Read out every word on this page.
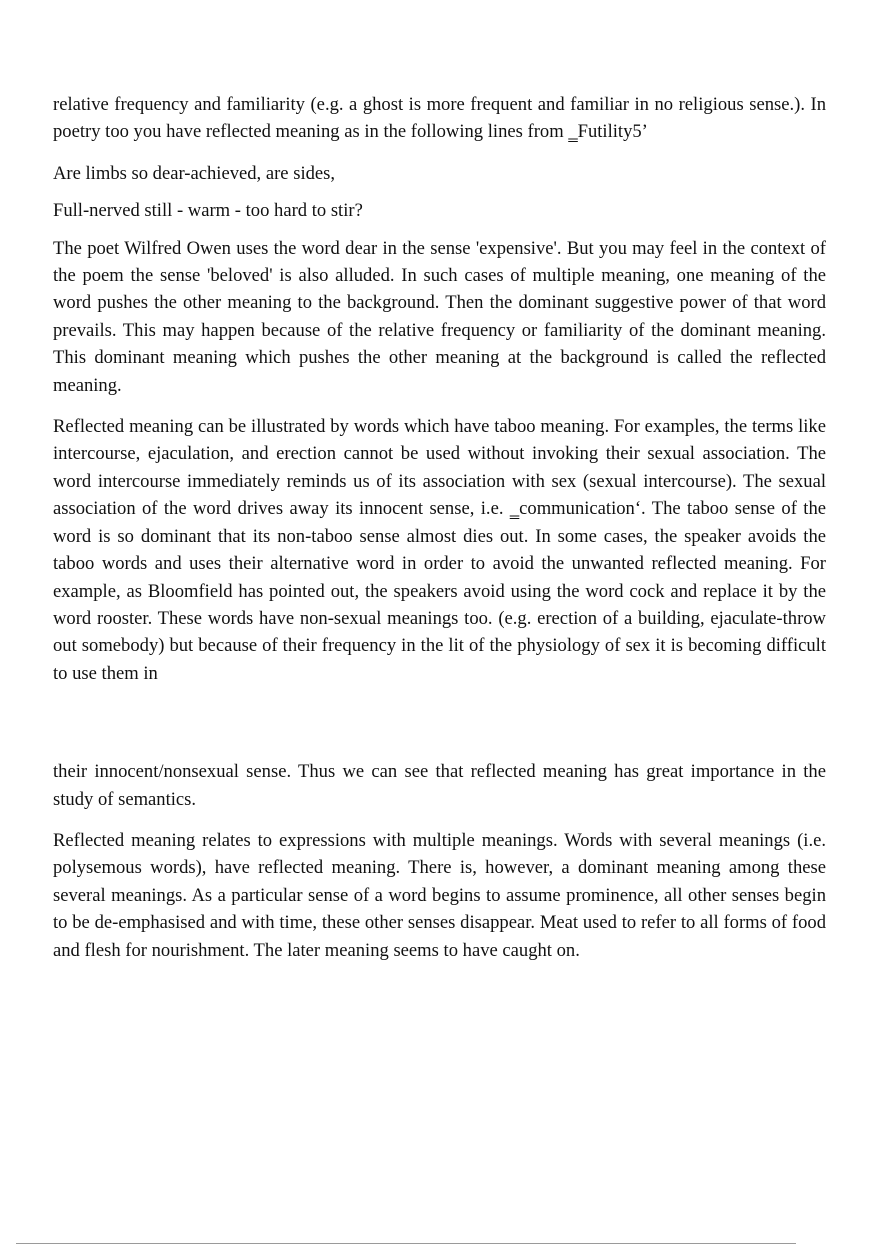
relative frequency and familiarity (e.g. a ghost is more frequent and familiar in no religious sense.). In poetry too you have reflected meaning as in the following lines from ‗Futility5’

Are limbs so dear-achieved, are sides,

Full-nerved still - warm - too hard to stir?

The poet Wilfred Owen uses the word dear in the sense 'expensive'. But you may feel in the context of the poem the sense 'beloved' is also alluded. In such cases of multiple meaning, one meaning of the word pushes the other meaning to the background. Then the dominant suggestive power of that word prevails. This may happen because of the relative frequency or familiarity of the dominant meaning. This dominant meaning which pushes the other meaning at the background is called the reflected meaning.

Reflected meaning can be illustrated by words which have taboo meaning. For examples, the terms like intercourse, ejaculation, and erection cannot be used without invoking their sexual association. The word intercourse immediately reminds us of its association with sex (sexual intercourse). The sexual association of the word drives away its innocent sense, i.e. ‗communication‘. The taboo sense of the word is so dominant that its non-taboo sense almost dies out. In some cases, the speaker avoids the taboo words and uses their alternative word in order to avoid the unwanted reflected meaning. For example, as Bloomfield has pointed out, the speakers avoid using the word cock and replace it by the word rooster. These words have non-sexual meanings too. (e.g. erection of a building, ejaculate-throw out somebody) but because of their frequency in the lit of the physiology of sex it is becoming difficult to use them in

their innocent/nonsexual sense. Thus we can see that reflected meaning has great importance in the study of semantics.

Reflected meaning relates to expressions with multiple meanings. Words with several meanings (i.e. polysemous words), have reflected meaning. There is, however, a dominant meaning among these several meanings. As a particular sense of a word begins to assume prominence, all other senses begin to be de-emphasised and with time, these other senses disappear. Meat used to refer to all forms of food and flesh for nourishment. The later meaning seems to have caught on.
